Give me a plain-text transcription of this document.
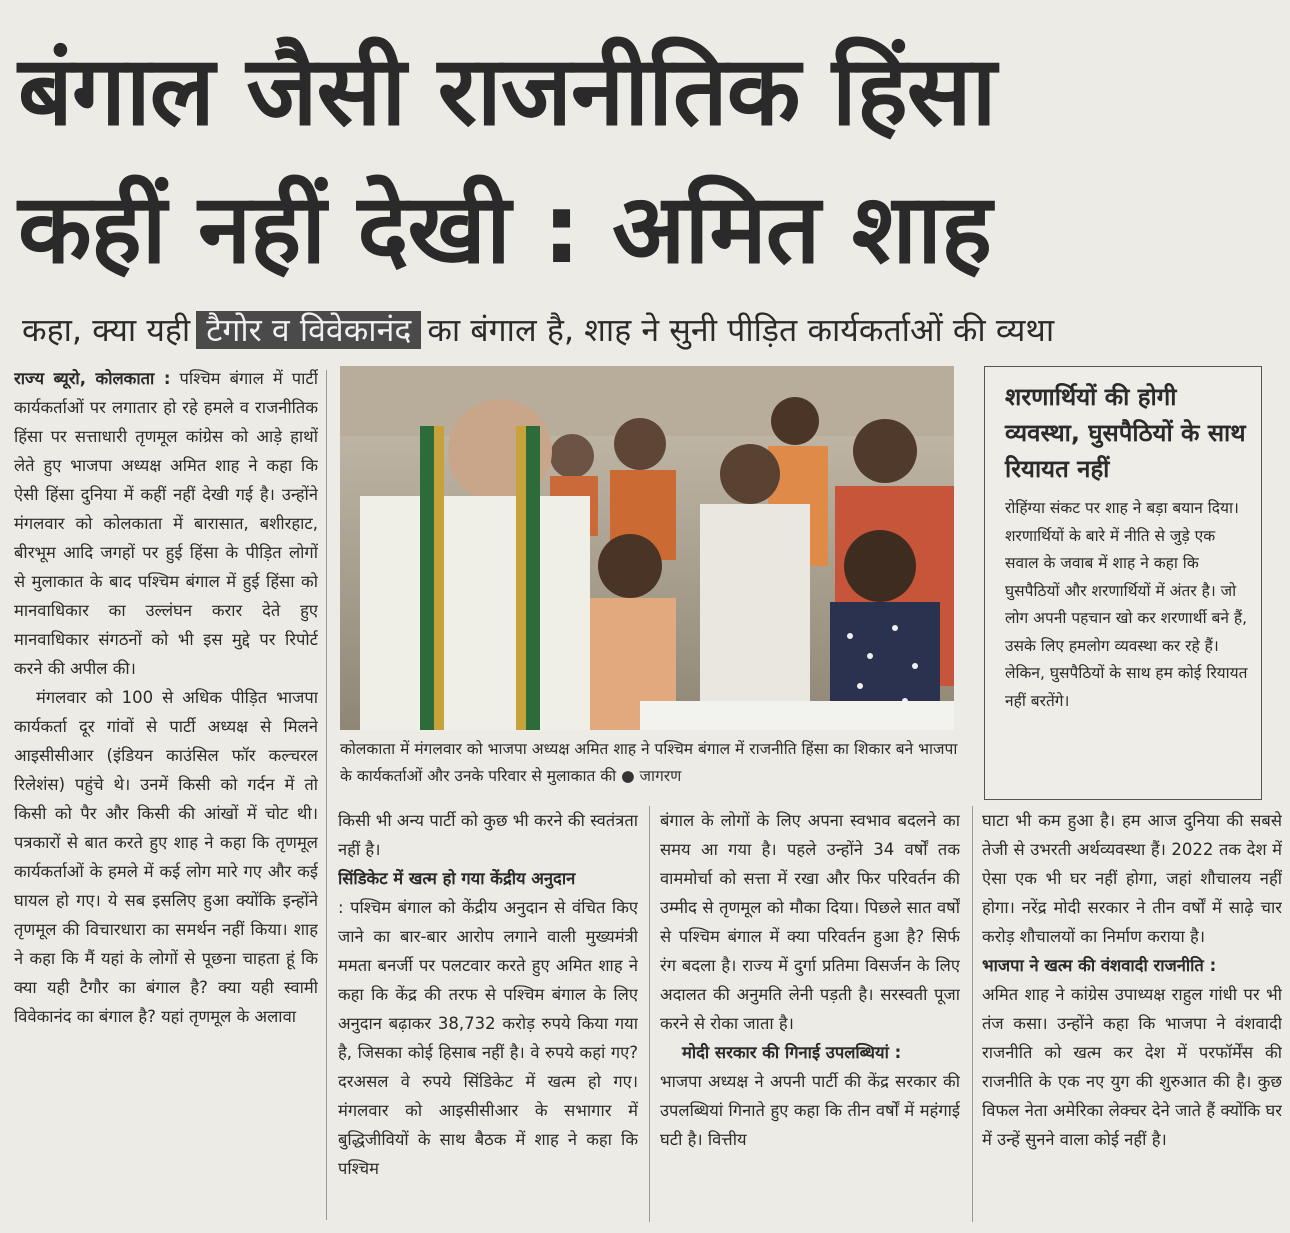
बंगाल जैसी राजनीतिक हिंसा
कहीं नहीं देखी : अमित शाह
कहा, क्या यही टैगोर व विवेकानंद का बंगाल है, शाह ने सुनी पीड़ित कार्यकर्ताओं की व्यथा

राज्य ब्यूरो, कोलकाता : पश्चिम बंगाल में पार्टी कार्यकर्ताओं पर लगातार हो रहे हमले व राजनीतिक हिंसा पर सत्ताधारी तृणमूल कांग्रेस को आड़े हाथों लेते हुए भाजपा अध्यक्ष अमित शाह ने कहा कि ऐसी हिंसा दुनिया में कहीं नहीं देखी गई है। उन्होंने मंगलवार को कोलकाता में बारासात, बशीरहाट, बीरभूम आदि जगहों पर हुई हिंसा के पीड़ित लोगों से मुलाकात के बाद पश्चिम बंगाल में हुई हिंसा को मानवाधिकार का उल्लंघन करार देते हुए मानवाधिकार संगठनों को भी इस मुद्दे पर रिपोर्ट करने की अपील की।

मंगलवार को 100 से अधिक पीड़ित भाजपा कार्यकर्ता दूर गांवों से पार्टी अध्यक्ष से मिलने आइसीसीआर (इंडियन काउंसिल फॉर कल्चरल रिलेशंस) पहुंचे थे। उनमें किसी को गर्दन में तो किसी को पैर और किसी की आंखों में चोट थी। पत्रकारों से बात करते हुए शाह ने कहा कि तृणमूल कार्यकर्ताओं के हमले में कई लोग मारे गए और कई घायल हो गए। ये सब इसलिए हुआ क्योंकि इन्होंने तृणमूल की विचारधारा का समर्थन नहीं किया। शाह ने कहा कि मैं यहां के लोगों से पूछना चाहता हूं कि क्या यही टैगौर का बंगाल है? क्या यही स्वामी विवेकानंद का बंगाल है? यहां तृणमूल के अलावा

कोलकाता में मंगलवार को भाजपा अध्यक्ष अमित शाह ने पश्चिम बंगाल में राजनीति हिंसा का शिकार बने भाजपा के कार्यकर्ताओं और उनके परिवार से मुलाकात की ● जागरण
शरणार्थियों की होगी व्यवस्था, घुसपैठियों के साथ रियायत नहीं
रोहिंग्या संकट पर शाह ने बड़ा बयान दिया। शरणार्थियों के बारे में नीति से जुड़े एक सवाल के जवाब में शाह ने कहा कि घुसपैठियों और शरणार्थियों में अंतर है। जो लोग अपनी पहचान खो कर शरणार्थी बने हैं, उसके लिए हमलोग व्यवस्था कर रहे हैं। लेकिन, घुसपैठियों के साथ हम कोई रियायत नहीं बरतेंगे।

किसी भी अन्य पार्टी को कुछ भी करने की स्वतंत्रता नहीं है।

सिंडिकेट में खत्म हो गया केंद्रीय अनुदान

: पश्चिम बंगाल को केंद्रीय अनुदान से वंचित किए जाने का बार-बार आरोप लगाने वाली मुख्यमंत्री ममता बनर्जी पर पलटवार करते हुए अमित शाह ने कहा कि केंद्र की तरफ से पश्चिम बंगाल के लिए अनुदान बढ़ाकर 38,732 करोड़ रुपये किया गया है, जिसका कोई हिसाब नहीं है। वे रुपये कहां गए? दरअसल वे रुपये सिंडिकेट में खत्म हो गए। मंगलवार को आइसीसीआर के सभागार में बुद्धिजीवियों के साथ बैठक में शाह ने कहा कि पश्चिम

बंगाल के लोगों के लिए अपना स्वभाव बदलने का समय आ गया है। पहले उन्होंने 34 वर्षों तक वाममोर्चा को सत्ता में रखा और फिर परिवर्तन की उम्मीद से तृणमूल को मौका दिया। पिछले सात वर्षों से पश्चिम बंगाल में क्या परिवर्तन हुआ है? सिर्फ रंग बदला है। राज्य में दुर्गा प्रतिमा विसर्जन के लिए अदालत की अनुमति लेनी पड़ती है। सरस्वती पूजा करने से रोका जाता है।

मोदी सरकार की गिनाई उपलब्धियां :

भाजपा अध्यक्ष ने अपनी पार्टी की केंद्र सरकार की उपलब्धियां गिनाते हुए कहा कि तीन वर्षों में महंगाई घटी है। वित्तीय

घाटा भी कम हुआ है। हम आज दुनिया की सबसे तेजी से उभरती अर्थव्यवस्था हैं। 2022 तक देश में ऐसा एक भी घर नहीं होगा, जहां शौचालय नहीं होगा। नरेंद्र मोदी सरकार ने तीन वर्षों में साढ़े चार करोड़ शौचालयों का निर्माण कराया है।

भाजपा ने खत्म की वंशवादी राजनीति :

अमित शाह ने कांग्रेस उपाध्यक्ष राहुल गांधी पर भी तंज कसा। उन्होंने कहा कि भाजपा ने वंशवादी राजनीति को खत्म कर देश में परफॉर्मेंस की राजनीति के एक नए युग की शुरुआत की है। कुछ विफल नेता अमेरिका लेक्चर देने जाते हैं क्योंकि घर में उन्हें सुनने वाला कोई नहीं है।
